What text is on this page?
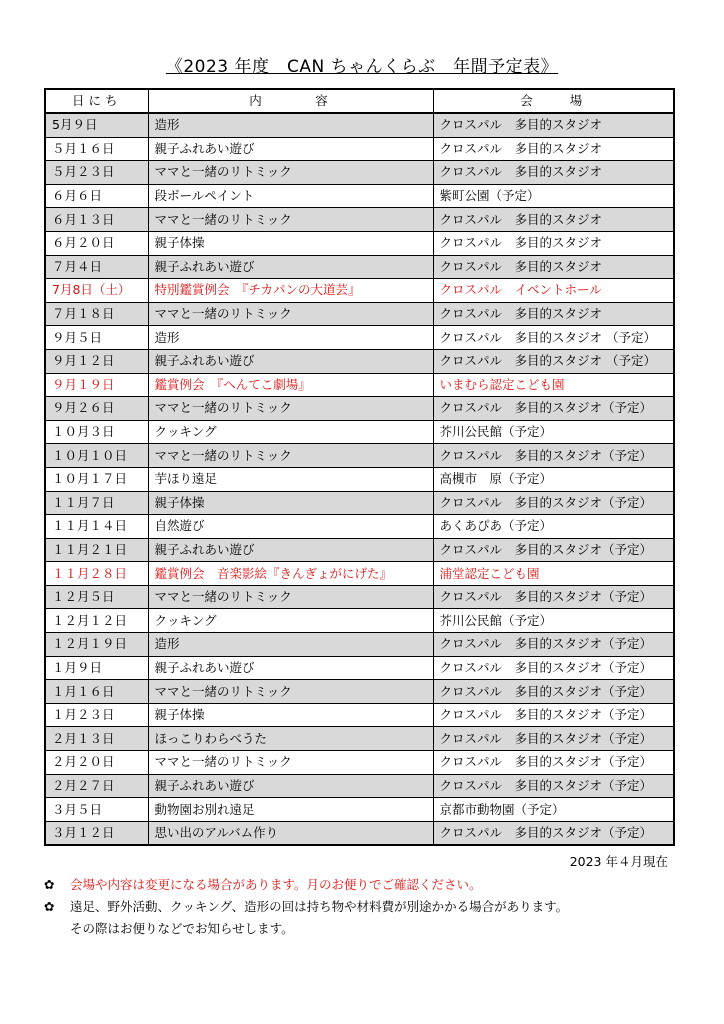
《2023 年度　CAN ちゃんくらぶ　年間予定表》
日にち	内　　　容	会　　場
5月９日	造形	クロスパル　多目的スタジオ
５月１６日	親子ふれあい遊び	クロスパル　多目的スタジオ
５月２３日	ママと一緒のリトミック	クロスパル　多目的スタジオ
６月６日	段ボールペイント	紫町公園（予定）
６月１３日	ママと一緒のリトミック	クロスパル　多目的スタジオ
６月２０日	親子体操	クロスパル　多目的スタジオ
７月４日	親子ふれあい遊び	クロスパル　多目的スタジオ
7月8日（土）	特別鑑賞例会　『チカパンの大道芸』	クロスパル　イベントホール
７月１８日	ママと一緒のリトミック	クロスパル　多目的スタジオ
９月５日	造形	クロスパル　多目的スタジオ （予定）
９月１２日	親子ふれあい遊び	クロスパル　多目的スタジオ （予定）
９月１９日	鑑賞例会　『へんてこ劇場』	いまむら認定こども園
９月２６日	ママと一緒のリトミック	クロスパル　多目的スタジオ（予定）
１０月３日	クッキング	芥川公民館（予定）
１０月１０日	ママと一緒のリトミック	クロスパル　多目的スタジオ（予定）
１０月１７日	芋ほり遠足	高槻市　原（予定）
１１月７日	親子体操	クロスパル　多目的スタジオ（予定）
１１月１４日	自然遊び	あくあぴあ（予定）
１１月２１日	親子ふれあい遊び	クロスパル　多目的スタジオ（予定）
１１月２８日	鑑賞例会　音楽影絵『きんぎょがにげた』	浦堂認定こども園
１２月５日	ママと一緒のリトミック	クロスパル　多目的スタジオ（予定）
１２月１２日	クッキング	芥川公民館（予定）
１２月１９日	造形	クロスパル　多目的スタジオ（予定）
１月９日	親子ふれあい遊び	クロスパル　多目的スタジオ（予定）
１月１６日	ママと一緒のリトミック	クロスパル　多目的スタジオ（予定）
１月２３日	親子体操	クロスパル　多目的スタジオ（予定）
２月１３日	ほっこりわらべうた	クロスパル　多目的スタジオ（予定）
２月２０日	ママと一緒のリトミック	クロスパル　多目的スタジオ（予定）
２月２７日	親子ふれあい遊び	クロスパル　多目的スタジオ（予定）
３月５日	動物園お別れ遠足	京都市動物園（予定）
３月１２日	思い出のアルバム作り	クロスパル　多目的スタジオ（予定）
2023 年４月現在
✿	会場や内容は変更になる場合があります。月のお便りでご確認ください。
✿	遠足、野外活動、クッキング、造形の回は持ち物や材料費が別途かかる場合があります。
その際はお便りなどでお知らせします。
